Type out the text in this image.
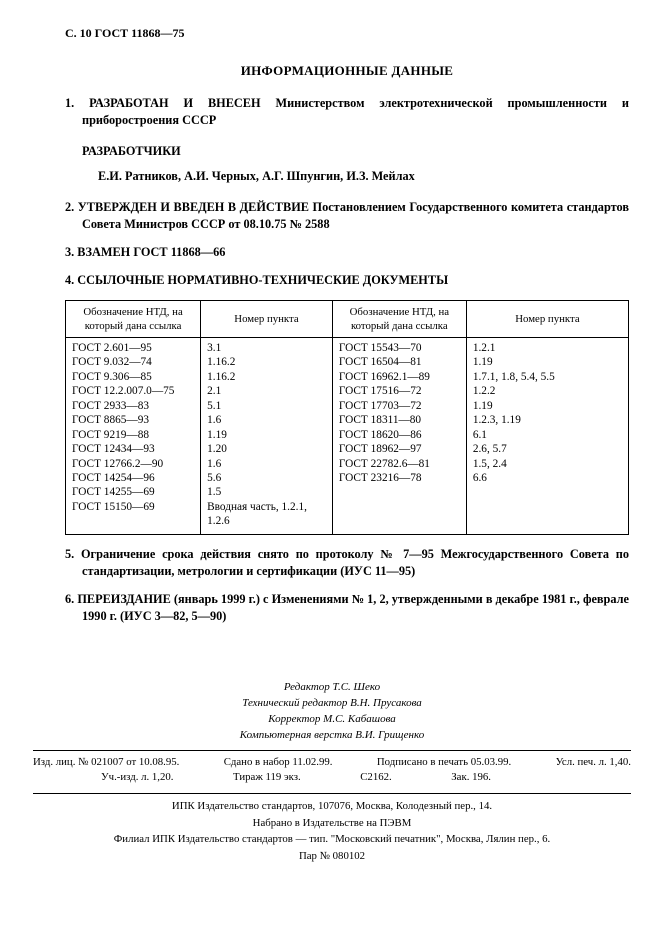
С. 10 ГОСТ 11868—75
ИНФОРМАЦИОННЫЕ ДАННЫЕ

1. РАЗРАБОТАН И ВНЕСЕН Министерством электротехнической промышленности и приборостроения СССР

РАЗРАБОТЧИКИ

Е.И. Ратников, А.И. Черных, А.Г. Шпунгин, И.З. Мейлах

2. УТВЕРЖДЕН И ВВЕДЕН В ДЕЙСТВИЕ Постановлением Государственного комитета стандартов Совета Министров СССР от 08.10.75 № 2588

3. ВЗАМЕН ГОСТ 11868—66

4. ССЫЛОЧНЫЕ НОРМАТИВНО-ТЕХНИЧЕСКИЕ ДОКУМЕНТЫ

Обозначение НТД, на который дана ссылка	Номер пункта	Обозначение НТД, на который дана ссылка	Номер пункта
ГОСТ 2.601—95	3.1	ГОСТ 15543—70	1.2.1
ГОСТ 9.032—74	1.16.2	ГОСТ 16504—81	1.19
ГОСТ 9.306—85	1.16.2	ГОСТ 16962.1—89	1.7.1, 1.8, 5.4, 5.5
ГОСТ 12.2.007.0—75	2.1	ГОСТ 17516—72	1.2.2
ГОСТ 2933—83	5.1	ГОСТ 17703—72	1.19
ГОСТ 8865—93	1.6	ГОСТ 18311—80	1.2.3, 1.19
ГОСТ 9219—88	1.19	ГОСТ 18620—86	6.1
ГОСТ 12434—93	1.20	ГОСТ 18962—97	2.6, 5.7
ГОСТ 12766.2—90	1.6	ГОСТ 22782.6—81	1.5, 2.4
ГОСТ 14254—96	5.6	ГОСТ 23216—78	6.6
ГОСТ 14255—69	1.5		
ГОСТ 15150—69	Вводная часть, 1.2.1, 1.2.6		

5. Ограничение срока действия снято по протоколу № 7—95 Межгосударственного Совета по стандартизации, метрологии и сертификации (ИУС 11—95)

6. ПЕРЕИЗДАНИЕ (январь 1999 г.) с Изменениями № 1, 2, утвержденными в декабре 1981 г., феврале 1990 г. (ИУС 3—82, 5—90)

Редактор Т.С. Шеко
Технический редактор В.Н. Прусакова
Корректор М.С. Кабашова
Компьютерная верстка В.И. Грищенко
Изд. лиц. № 021007 от 10.08.95.	Сдано в набор 11.02.99.	Подписано в печать 05.03.99.	Усл. печ. л. 1,40.
Уч.-изд. л. 1,20.	Тираж 119 экз.	С2162.	Зак. 196.
ИПК Издательство стандартов, 107076, Москва, Колодезный пер., 14.
Набрано в Издательстве на ПЭВМ
Филиал ИПК Издательство стандартов — тип. "Московский печатник", Москва, Лялин пер., 6.
Пар № 080102
